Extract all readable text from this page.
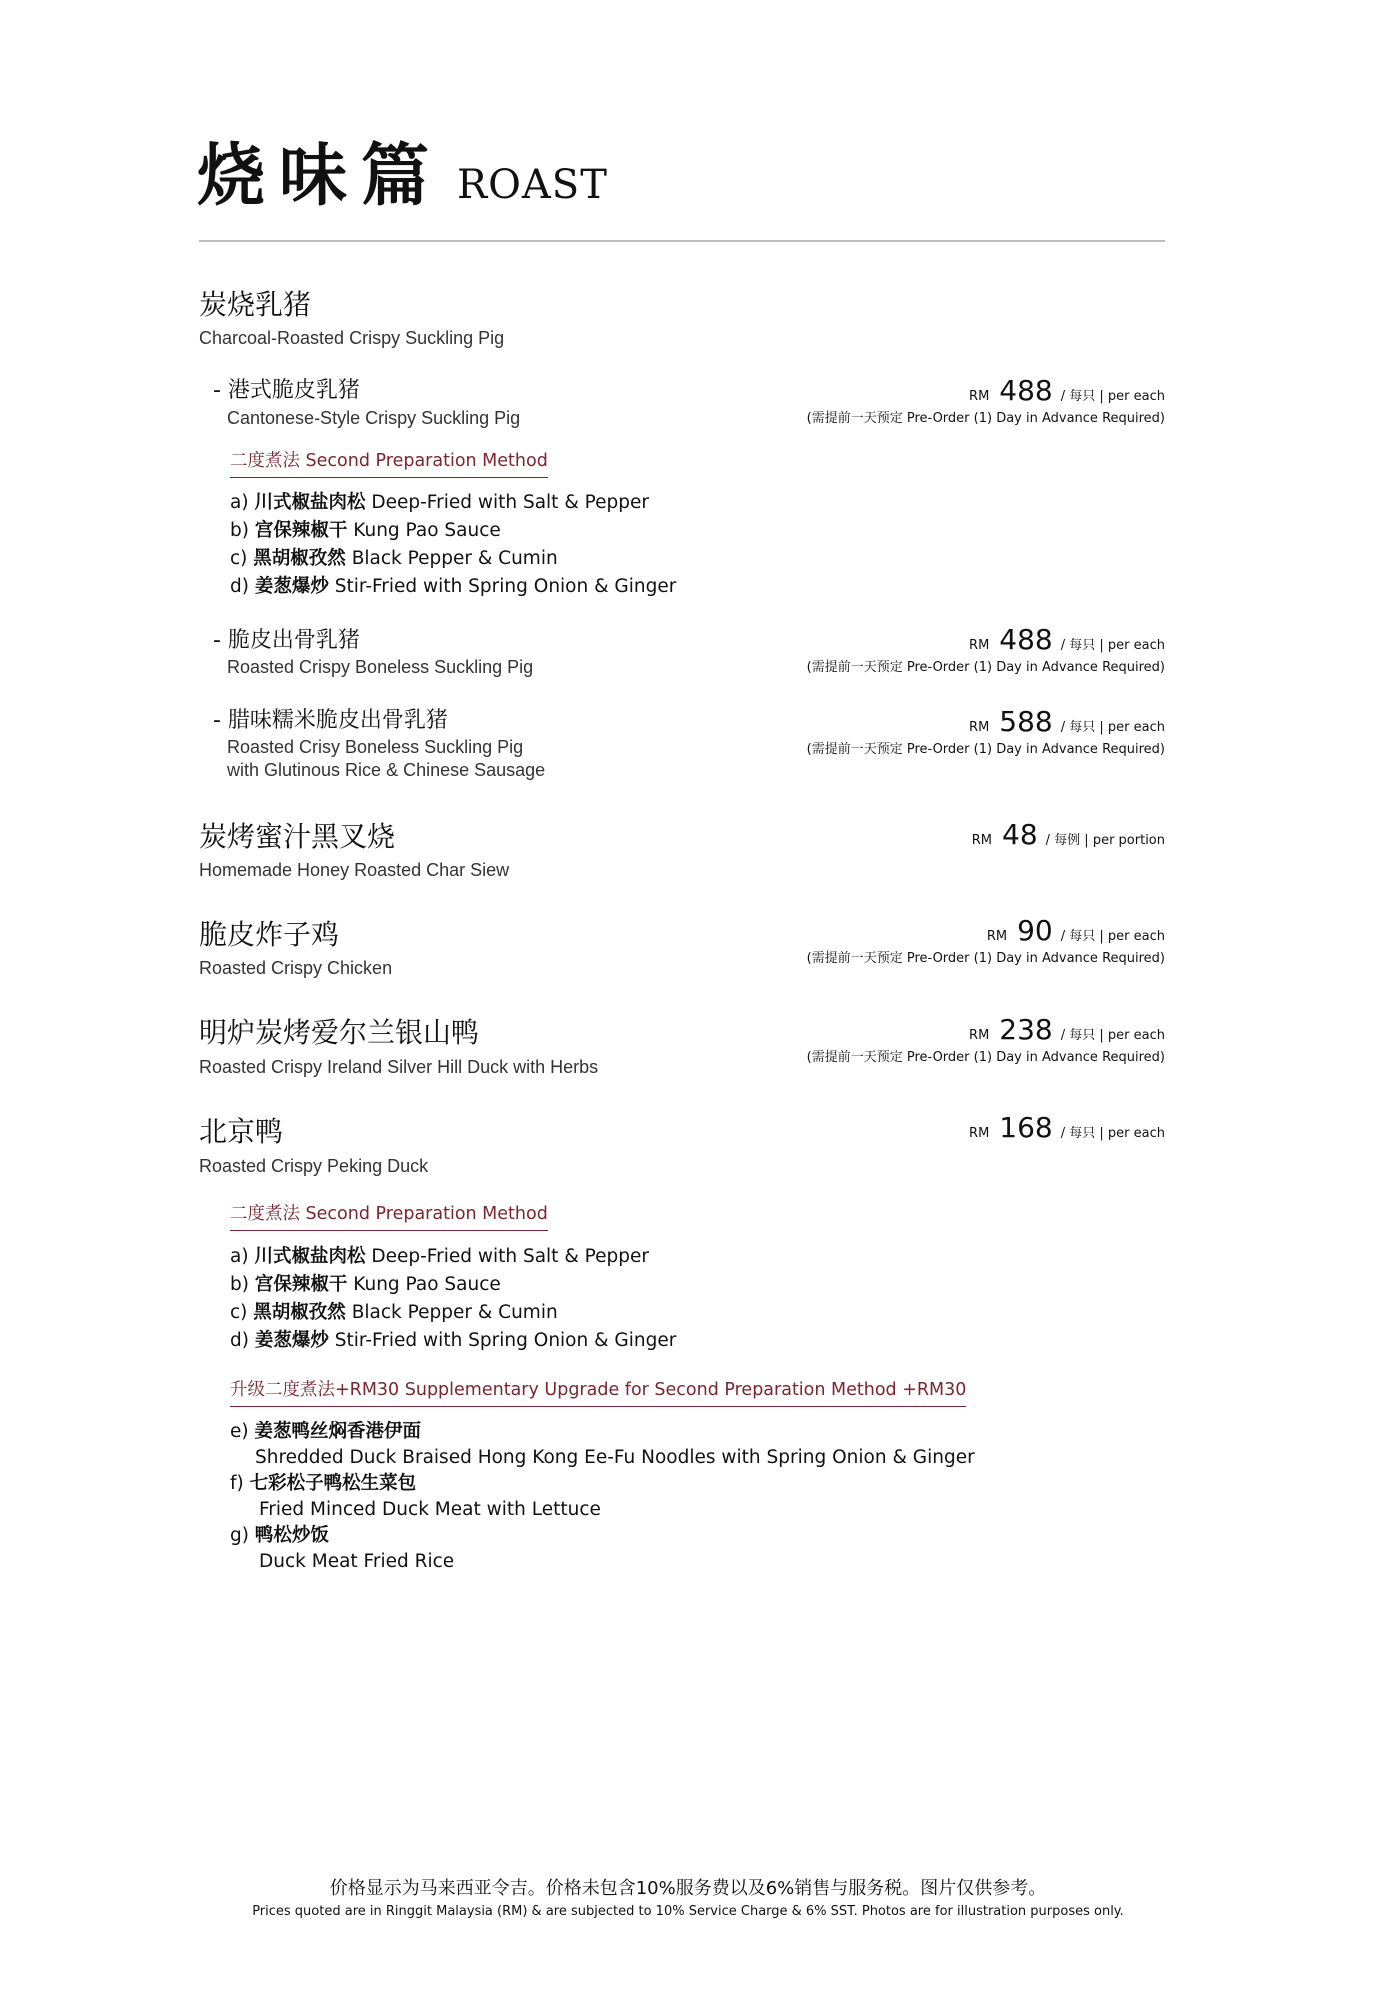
烧味篇 ROAST
炭烧乳猪
Charcoal-Roasted Crispy Suckling Pig
- 港式脆皮乳猪
Cantonese-Style Crispy Suckling Pig
RM 488 / 每只 | per each
(需提前一天预定 Pre-Order (1) Day in Advance Required)
二度煮法 Second Preparation Method
a) 川式椒盐肉松 Deep-Fried with Salt & Pepper
b) 宫保辣椒干 Kung Pao Sauce
c) 黑胡椒孜然 Black Pepper & Cumin
d) 姜葱爆炒 Stir-Fried with Spring Onion & Ginger
- 脆皮出骨乳猪
Roasted Crispy Boneless Suckling Pig
RM 488 / 每只 | per each
(需提前一天预定 Pre-Order (1) Day in Advance Required)
- 腊味糯米脆皮出骨乳猪
Roasted Crisy Boneless Suckling Pig
with Glutinous Rice & Chinese Sausage
RM 588 / 每只 | per each
(需提前一天预定 Pre-Order (1) Day in Advance Required)
炭烤蜜汁黑叉烧
Homemade Honey Roasted Char Siew
RM 48 / 每例 | per portion
脆皮炸子鸡
Roasted Crispy Chicken
RM 90 / 每只 | per each
(需提前一天预定 Pre-Order (1) Day in Advance Required)
明炉炭烤爱尔兰银山鸭
Roasted Crispy Ireland Silver Hill Duck with Herbs
RM 238 / 每只 | per each
(需提前一天预定 Pre-Order (1) Day in Advance Required)
北京鸭
Roasted Crispy Peking Duck
RM 168 / 每只 | per each
二度煮法 Second Preparation Method
a) 川式椒盐肉松 Deep-Fried with Salt & Pepper
b) 宫保辣椒干 Kung Pao Sauce
c) 黑胡椒孜然 Black Pepper & Cumin
d) 姜葱爆炒 Stir-Fried with Spring Onion & Ginger
升级二度煮法+RM30 Supplementary Upgrade for Second Preparation Method +RM30
e) 姜葱鸭丝焖香港伊面
Shredded Duck Braised Hong Kong Ee-Fu Noodles with Spring Onion & Ginger
f) 七彩松子鸭松生菜包
Fried Minced Duck Meat with Lettuce
g) 鸭松炒饭
Duck Meat Fried Rice
价格显示为马来西亚令吉。价格未包含10%服务费以及6%销售与服务税。图片仅供参考。
Prices quoted are in Ringgit Malaysia (RM) & are subjected to 10% Service Charge & 6% SST. Photos are for illustration purposes only.
